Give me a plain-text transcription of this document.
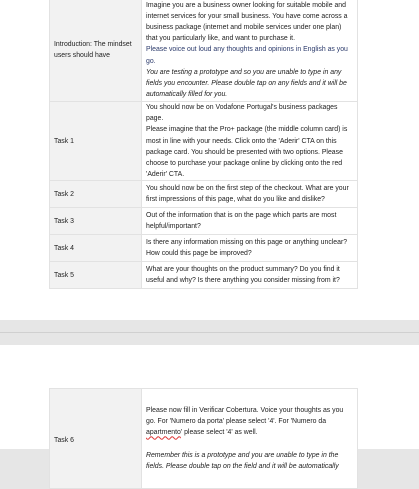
Introduction: The mindset users should have	Imagine you are a business owner looking for suitable mobile and internet services for your small business. You have come across a business package (internet and mobile services under one plan) that you particularly like, and want to purchase it.
Please voice out loud any thoughts and opinions in English as you go.
You are testing a prototype and so you are unable to type in any fields you encounter. Please double tap on any fields and it will be automatically filled for you.
Task 1	You should now be on Vodafone Portugal's business packages page.
Please imagine that the Pro+ package (the middle column card) is most in line with your needs. Click onto the 'Aderir' CTA on this package card. You should be presented with two options. Please choose to purchase your package online by clicking onto the red 'Aderir' CTA.
Task 2	You should now be on the first step of the checkout. What are your first impressions of this page, what do you like and dislike?
Task 3	Out of the information that is on the page which parts are most helpful/important?
Task 4	Is there any information missing on this page or anything unclear? How could this page be improved?
Task 5	What are your thoughts on the product summary? Do you find it useful and why? Is there anything you consider missing from it?
Task 6	Please now fill in Verificar Cobertura. Voice your thoughts as you go. For 'Numero da porta' please select '4'. For 'Numero da apartmento' please select '4' as well.

Remember this is a prototype and you are unable to type in the fields. Please double tap on the field and it will be automatically
